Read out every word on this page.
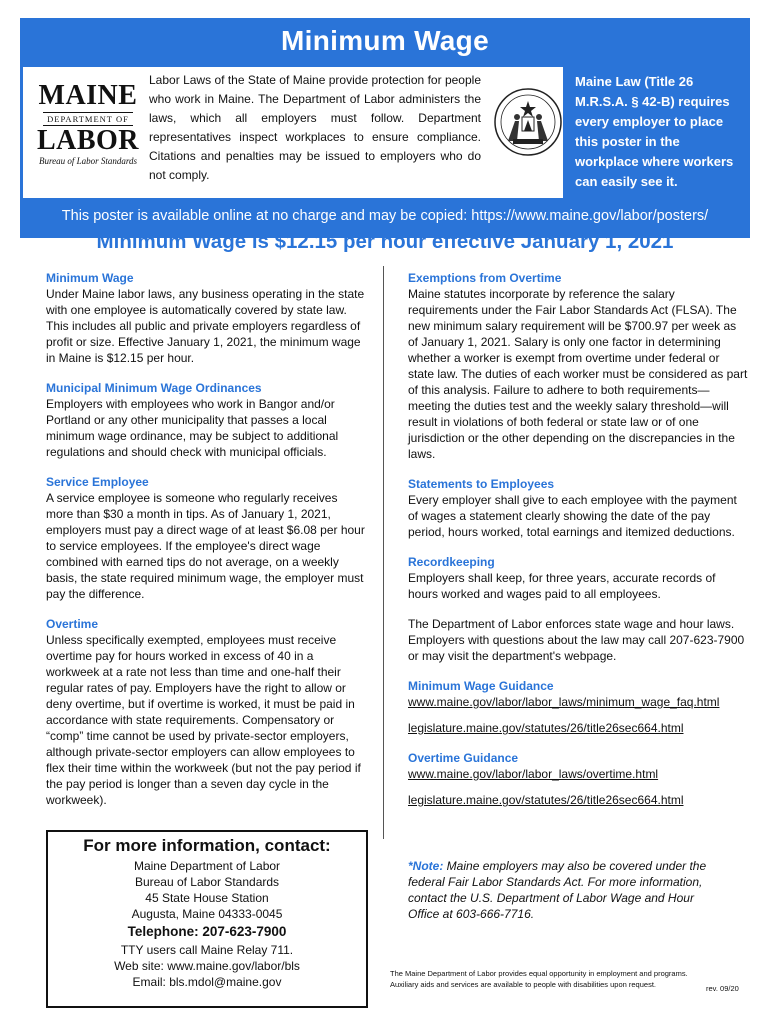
Minimum Wage
MAINE
DEPARTMENT OF
LABOR
Bureau of Labor Standards
Labor Laws of the State of Maine provide protection for people who work in Maine. The Department of Labor administers the laws, which all employers must follow. Department representatives inspect workplaces to ensure compliance. Citations and penalties may be issued to employers who do not comply.
Maine Law (Title 26 M.R.S.A. § 42-B) requires every employer to place this poster in the workplace where workers can easily see it.
This poster is available online at no charge and may be copied: https://www.maine.gov/labor/posters/
Minimum Wage is $12.15 per hour effective January 1, 2021
Minimum Wage
Under Maine labor laws, any business operating in the state with one employee is automatically covered by state law. This includes all public and private employers regardless of profit or size. Effective January 1, 2021, the minimum wage in Maine is $12.15 per hour.
Municipal Minimum Wage Ordinances
Employers with employees who work in Bangor and/or Portland or any other municipality that passes a local minimum wage ordinance, may be subject to additional regulations and should check with municipal officials.
Service Employee
A service employee is someone who regularly receives more than $30 a month in tips. As of January 1, 2021, employers must pay a direct wage of at least $6.08 per hour to service employees. If the employee's direct wage combined with earned tips do not average, on a weekly basis, the state required minimum wage, the employer must pay the difference.
Overtime
Unless specifically exempted, employees must receive overtime pay for hours worked in excess of 40 in a workweek at a rate not less than time and one-half their regular rates of pay. Employers have the right to allow or deny overtime, but if overtime is worked, it must be paid in accordance with state requirements. Compensatory or “comp” time cannot be used by private-sector employers, although private-sector employers can allow employees to flex their time within the workweek (but not the pay period if the pay period is longer than a seven day cycle in the workweek).
Exemptions from Overtime
Maine statutes incorporate by reference the salary requirements under the Fair Labor Standards Act (FLSA). The new minimum salary requirement will be $700.97 per week as of January 1, 2021. Salary is only one factor in determining whether a worker is exempt from overtime under federal or state law. The duties of each worker must be considered as part of this analysis. Failure to adhere to both requirements—meeting the duties test and the weekly salary threshold—will result in violations of both federal or state law or of one jurisdiction or the other depending on the discrepancies in the laws.
Statements to Employees
Every employer shall give to each employee with the payment of wages a statement clearly showing the date of the pay period, hours worked, total earnings and itemized deductions.
Recordkeeping
Employers shall keep, for three years, accurate records of hours worked and wages paid to all employees.
The Department of Labor enforces state wage and hour laws. Employers with questions about the law may call 207-623-7900 or may visit the department's webpage.
Minimum Wage Guidance
www.maine.gov/labor/labor_laws/minimum_wage_faq.html
legislature.maine.gov/statutes/26/title26sec664.html
Overtime Guidance
www.maine.gov/labor/labor_laws/overtime.html
legislature.maine.gov/statutes/26/title26sec664.html
For more information, contact:
Maine Department of Labor
Bureau of Labor Standards
45 State House Station
Augusta, Maine 04333-0045
Telephone: 207-623-7900
TTY users call Maine Relay 711.
Web site: www.maine.gov/labor/bls
Email: bls.mdol@maine.gov
*Note: Maine employers may also be covered under the federal Fair Labor Standards Act. For more information, contact the U.S. Department of Labor Wage and Hour Office at 603-666-7716.
The Maine Department of Labor provides equal opportunity in employment and programs.
Auxiliary aids and services are available to people with disabilities upon request.	rev. 09/20
